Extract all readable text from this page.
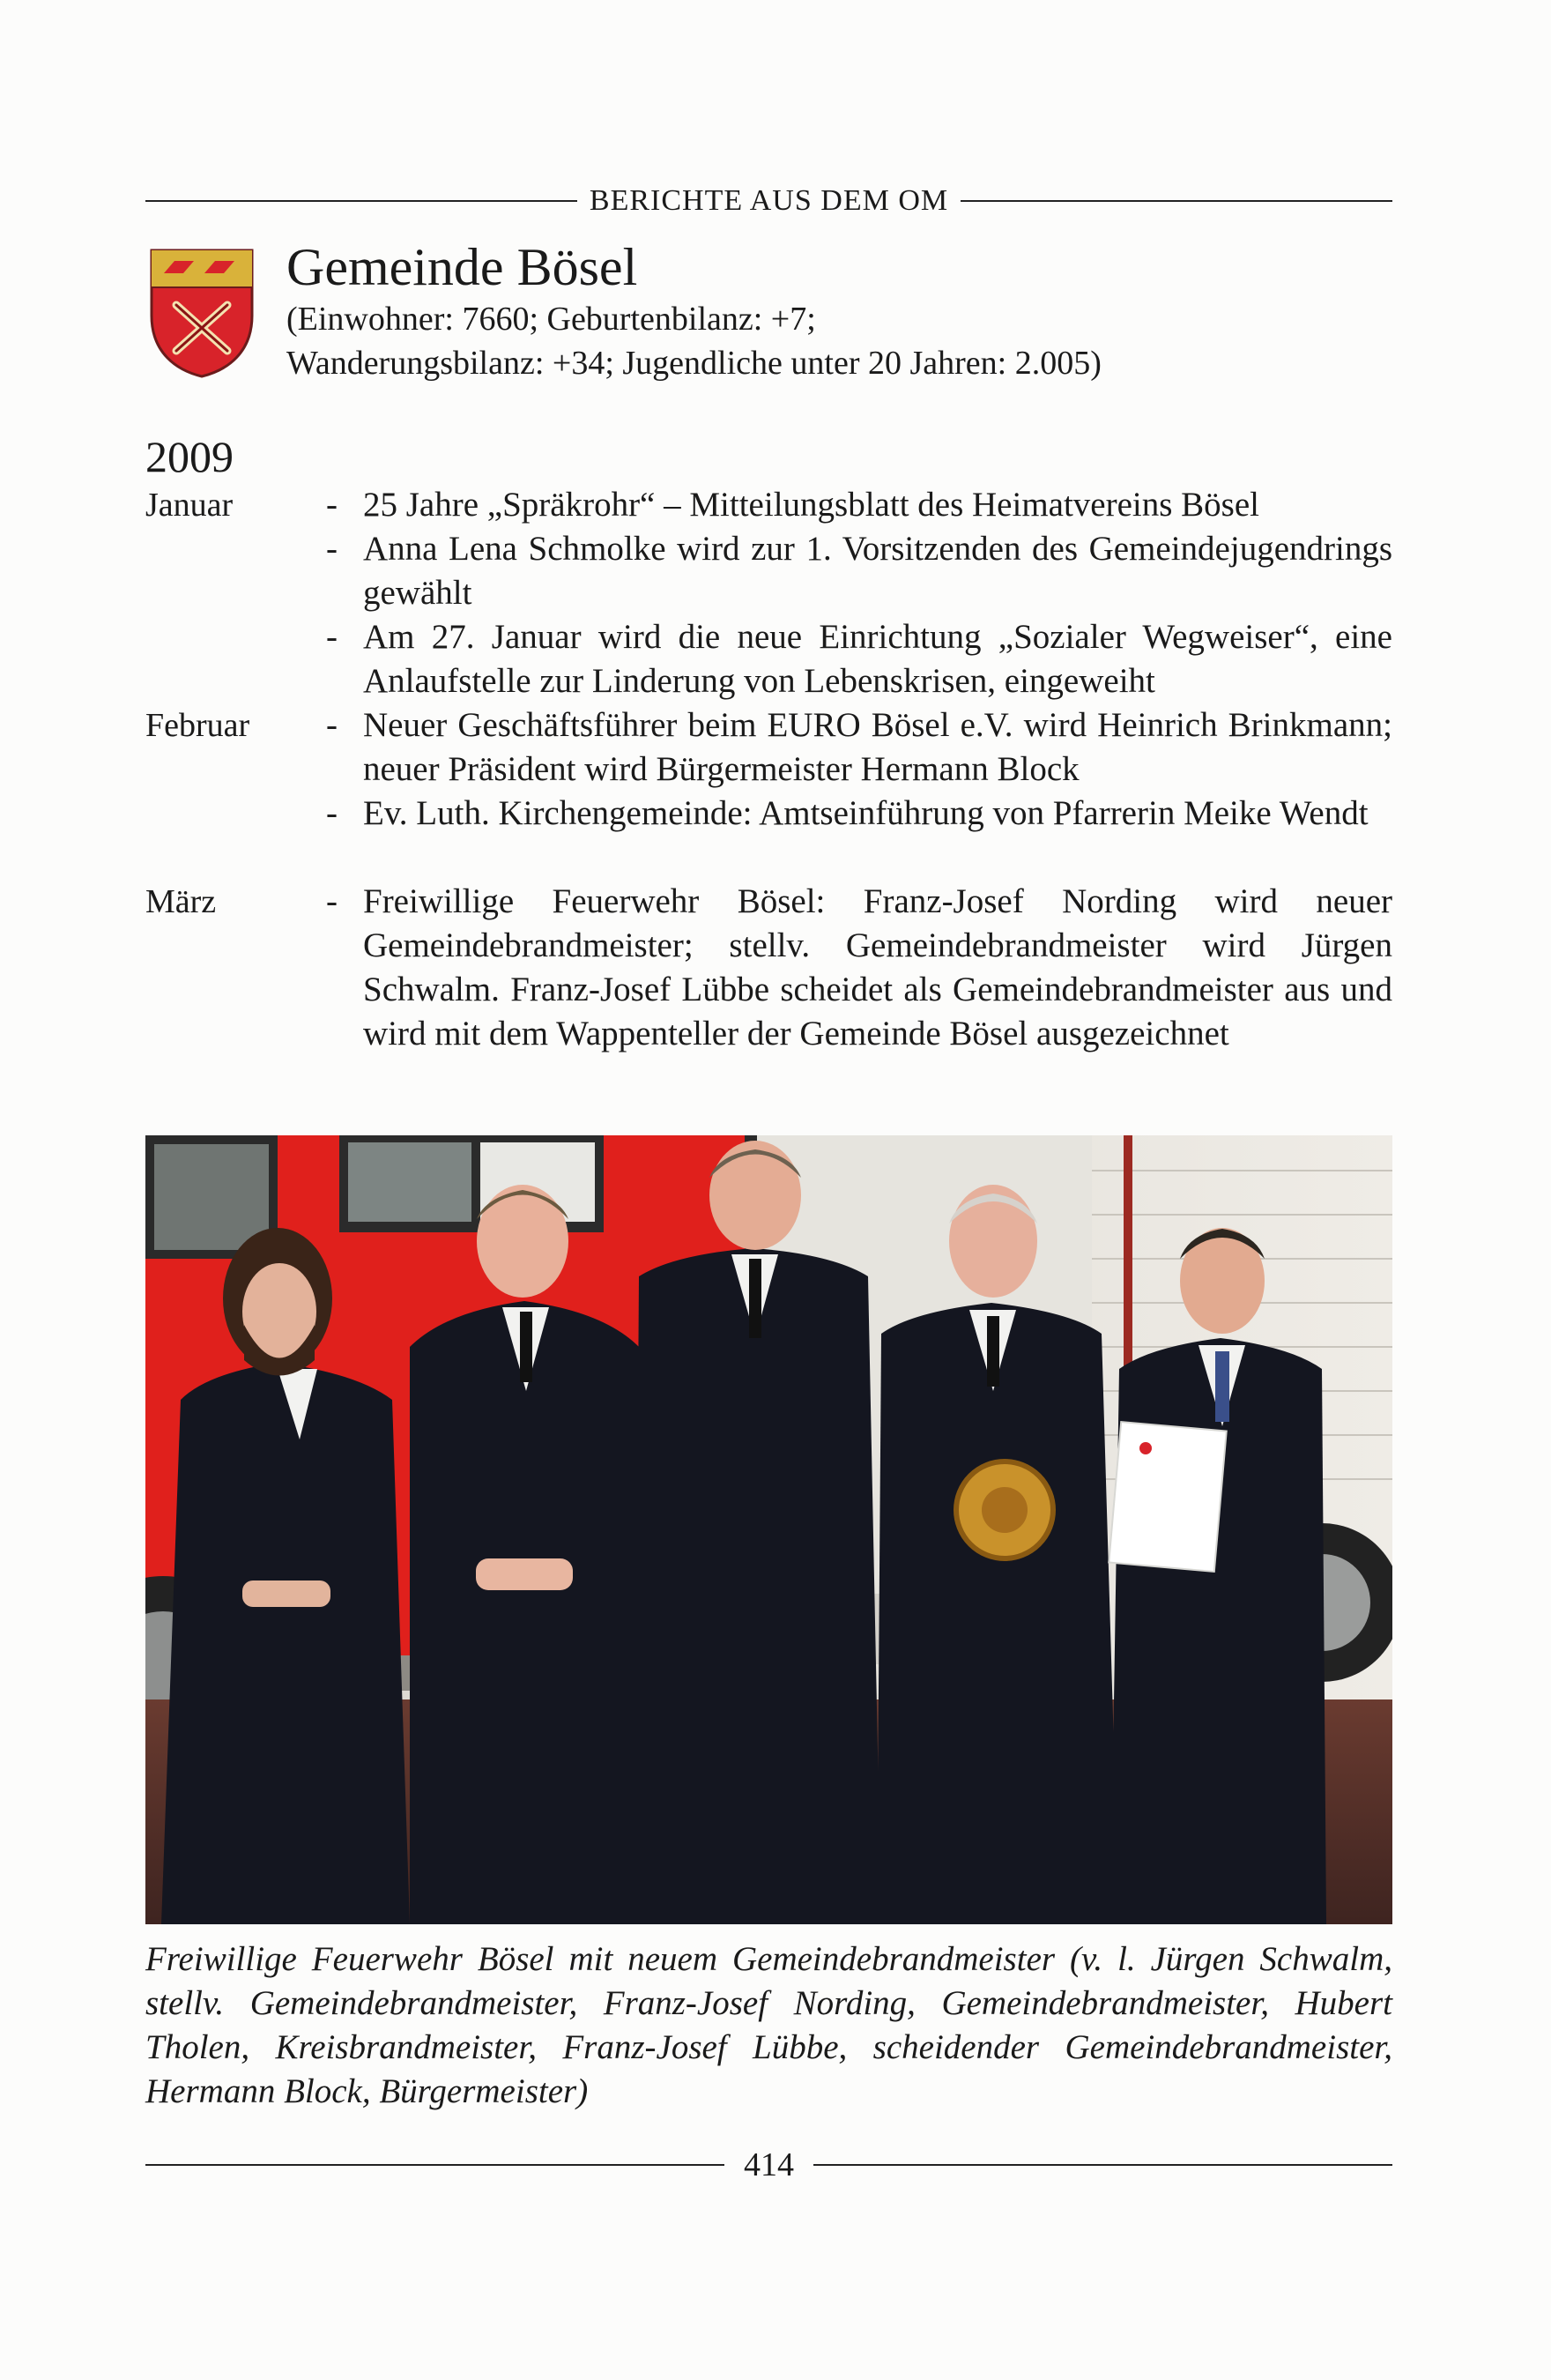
BERICHTE AUS DEM OM
Gemeinde Bösel
(Einwohner: 7660; Geburtenbilanz: +7;
Wanderungsbilanz: +34; Jugendliche unter 20 Jahren: 2.005)
2009
Januar
Februar
März
- 25 Jahre „Spräkrohr“ – Mitteilungsblatt des Heimatvereins Bösel
- Anna Lena Schmolke wird zur 1. Vorsitzenden des Gemeindejugendrings gewählt
- Am 27. Januar wird die neue Einrichtung „Sozialer Wegweiser“, eine Anlaufstelle zur Linderung von Lebenskrisen, eingeweiht
- Neuer Geschäftsführer beim EURO Bösel e.V. wird Heinrich Brinkmann; neuer Präsident wird Bürgermeister Hermann Block
- Ev. Luth. Kirchengemeinde: Amtseinführung von Pfarrerin Meike Wendt
- Freiwillige Feuerwehr Bösel: Franz-Josef Nording wird neuer Gemeindebrandmeister; stellv. Gemeindebrandmeister wird Jürgen Schwalm. Franz-Josef Lübbe scheidet als Gemeindebrandmeister aus und wird mit dem Wappenteller der Gemeinde Bösel ausgezeichnet
Freiwillige Feuerwehr Bösel mit neuem Gemeindebrandmeister (v. l. Jürgen Schwalm, stellv. Gemeindebrandmeister, Franz-Josef Nording, Gemeindebrandmeister, Hubert Tholen, Kreisbrandmeister, Franz-Josef Lübbe, scheidender Gemeindebrandmeister, Hermann Block, Bürgermeister)
414
